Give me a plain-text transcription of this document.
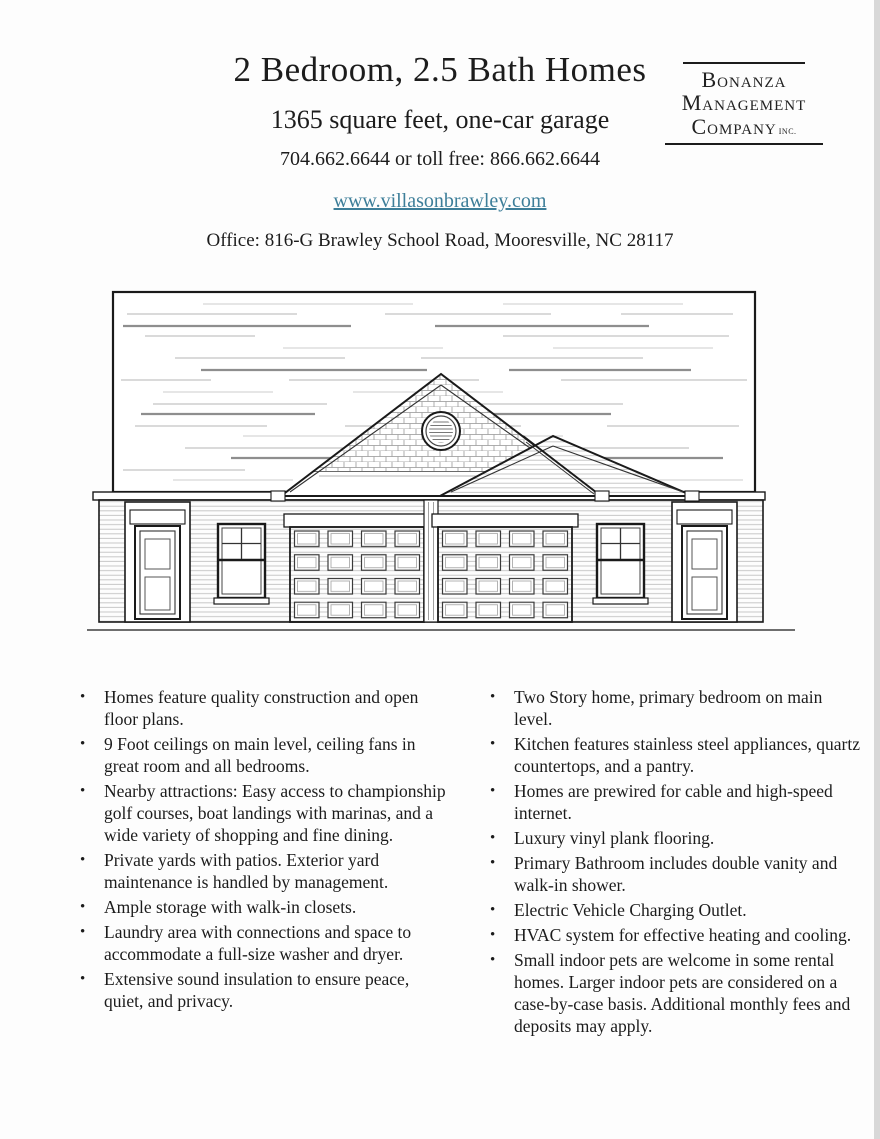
2 Bedroom, 2.5 Bath Homes
1365 square feet, one-car garage
704.662.6644 or toll free: 866.662.6644
www.villasonbrawley.com
Office: 816-G Brawley School Road, Mooresville, NC 28117
Bonanza
Management
Company INC.
•	Homes feature quality construction and open floor plans.
•	9 Foot ceilings on main level, ceiling fans in great room and all bedrooms.
•	Nearby attractions: Easy access to championship golf courses, boat landings with marinas, and a wide variety of shopping and fine dining.
•	Private yards with patios. Exterior yard maintenance is handled by management.
•	Ample storage with walk-in closets.
•	Laundry area with connections and space to accommodate a full-size washer and dryer.
•	Extensive sound insulation to ensure peace, quiet, and privacy.
•	Two Story home, primary bedroom on main level.
•	Kitchen features stainless steel appliances, quartz countertops, and a pantry.
•	Homes are prewired for cable and high-speed internet.
•	Luxury vinyl plank flooring.
•	Primary Bathroom includes double vanity and walk-in shower.
•	Electric Vehicle Charging Outlet.
•	HVAC system for effective heating and cooling.
•	Small indoor pets are welcome in some rental homes. Larger indoor pets are considered on a case-by-case basis. Additional monthly fees and deposits may apply.
